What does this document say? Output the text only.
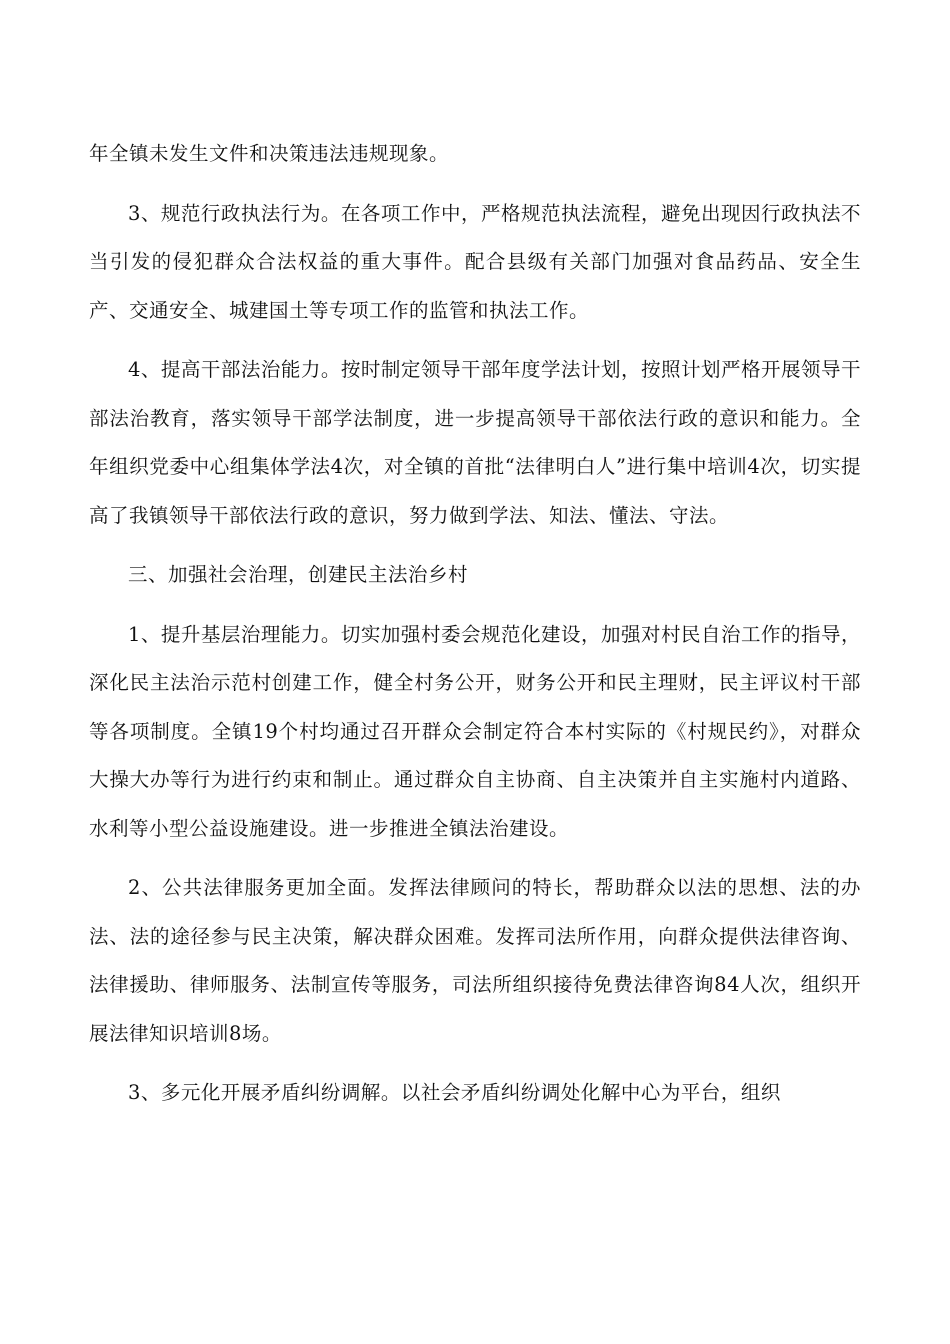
年全镇未发生文件和决策违法违规现象。

3、规范行政执法行为。在各项工作中，严格规范执法流程，避免出现因行政执法不当引发的侵犯群众合法权益的重大事件。配合县级有关部门加强对食品药品、安全生产、交通安全、城建国土等专项工作的监管和执法工作。

4、提高干部法治能力。按时制定领导干部年度学法计划，按照计划严格开展领导干部法治教育，落实领导干部学法制度，进一步提高领导干部依法行政的意识和能力。全年组织党委中心组集体学法4次，对全镇的首批“法律明白人”进行集中培训4次，切实提高了我镇领导干部依法行政的意识，努力做到学法、知法、懂法、守法。

三、加强社会治理，创建民主法治乡村

1、提升基层治理能力。切实加强村委会规范化建设，加强对村民自治工作的指导，深化民主法治示范村创建工作，健全村务公开，财务公开和民主理财，民主评议村干部等各项制度。全镇19个村均通过召开群众会制定符合本村实际的《村规民约》，对群众大操大办等行为进行约束和制止。通过群众自主协商、自主决策并自主实施村内道路、水利等小型公益设施建设。进一步推进全镇法治建设。

2、公共法律服务更加全面。发挥法律顾问的特长，帮助群众以法的思想、法的办法、法的途径参与民主决策，解决群众困难。发挥司法所作用，向群众提供法律咨询、法律援助、律师服务、法制宣传等服务，司法所组织接待免费法律咨询84人次，组织开展法律知识培训8场。

3、多元化开展矛盾纠纷调解。以社会矛盾纠纷调处化解中心为平台，组织
